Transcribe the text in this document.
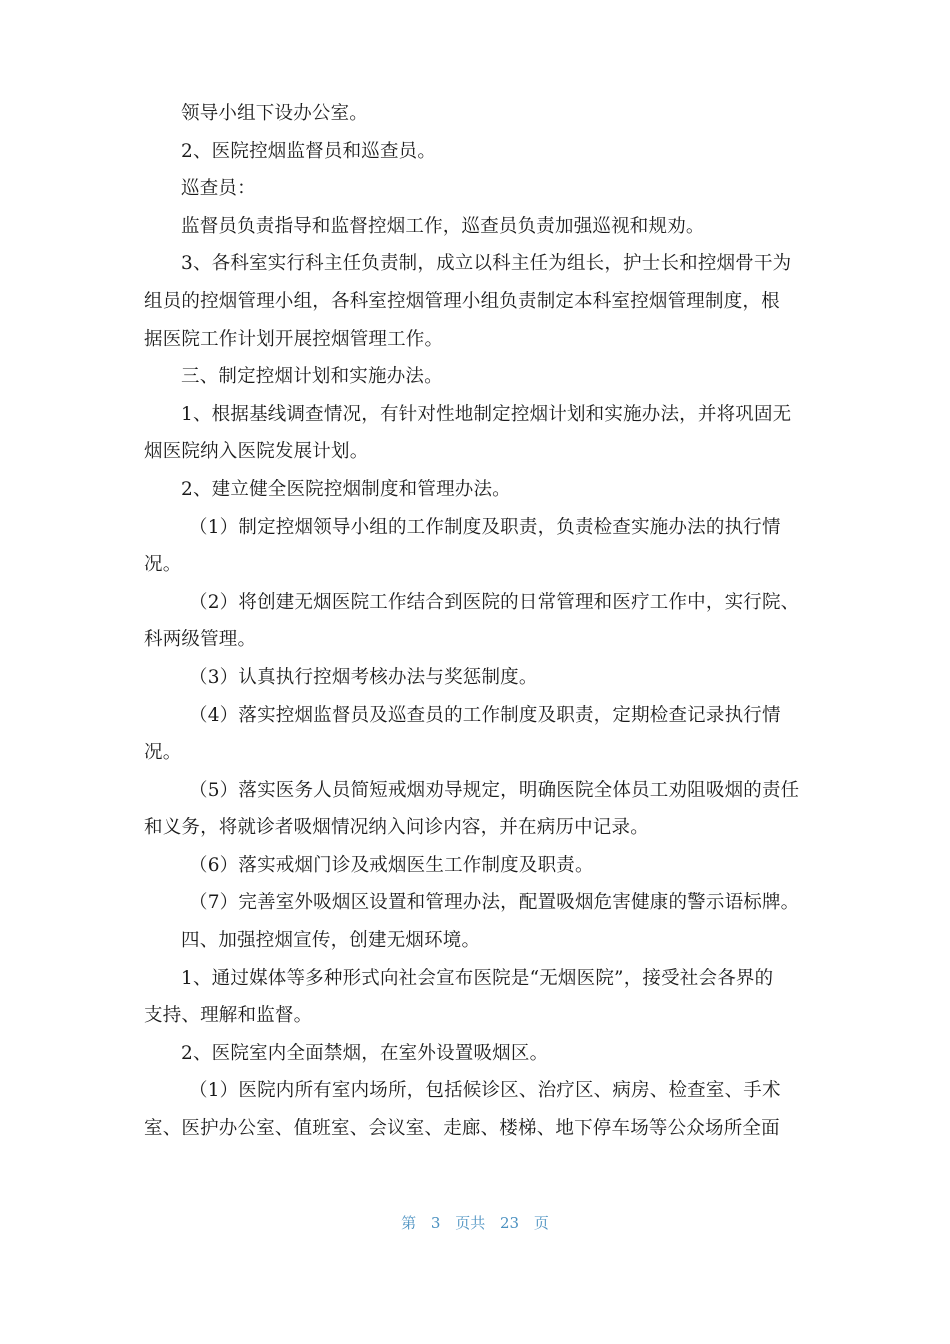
领导小组下设办公室。
2、医院控烟监督员和巡查员。
巡查员：
监督员负责指导和监督控烟工作，巡查员负责加强巡视和规劝。
3、各科室实行科主任负责制，成立以科主任为组长，护士长和控烟骨干为
组员的控烟管理小组，各科室控烟管理小组负责制定本科室控烟管理制度，根
据医院工作计划开展控烟管理工作。
三、制定控烟计划和实施办法。
1、根据基线调查情况，有针对性地制定控烟计划和实施办法，并将巩固无
烟医院纳入医院发展计划。
2、建立健全医院控烟制度和管理办法。
（1）制定控烟领导小组的工作制度及职责，负责检查实施办法的执行情
况。
（2）将创建无烟医院工作结合到医院的日常管理和医疗工作中，实行院、
科两级管理。
（3）认真执行控烟考核办法与奖惩制度。
（4）落实控烟监督员及巡查员的工作制度及职责，定期检查记录执行情
况。
（5）落实医务人员简短戒烟劝导规定，明确医院全体员工劝阻吸烟的责任
和义务，将就诊者吸烟情况纳入问诊内容，并在病历中记录。
（6）落实戒烟门诊及戒烟医生工作制度及职责。
（7）完善室外吸烟区设置和管理办法，配置吸烟危害健康的警示语标牌。
四、加强控烟宣传，创建无烟环境。
1、通过媒体等多种形式向社会宣布医院是“无烟医院”，接受社会各界的
支持、理解和监督。
2、医院室内全面禁烟，在室外设置吸烟区。
（1）医院内所有室内场所，包括候诊区、治疗区、病房、检查室、手术
室、医护办公室、值班室、会议室、走廊、楼梯、地下停车场等公众场所全面
第 3 页共 23 页
